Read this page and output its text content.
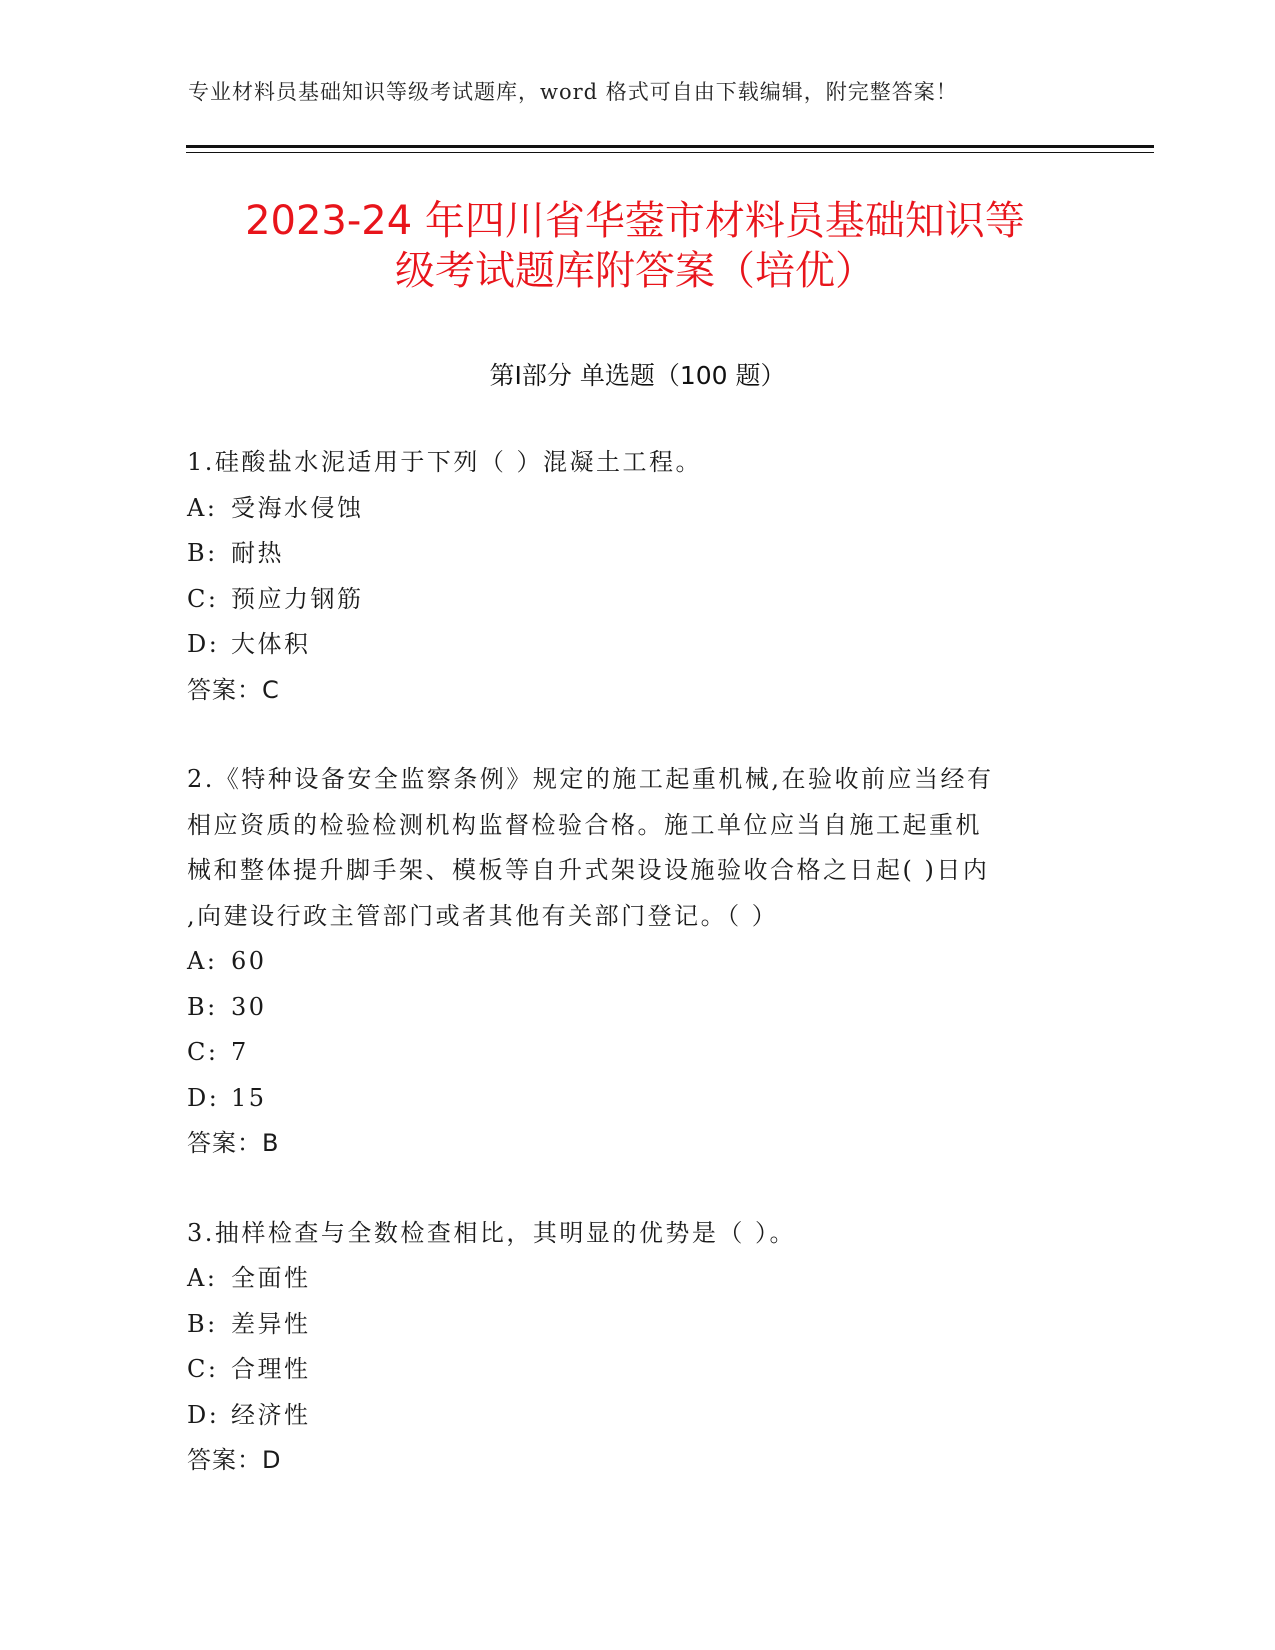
专业材料员基础知识等级考试题库，word 格式可自由下载编辑，附完整答案！
2023-24 年四川省华蓥市材料员基础知识等
级考试题库附答案（培优）
第Ⅰ部分 单选题（100 题）

1.硅酸盐水泥适用于下列（ ）混凝土工程。

A: 受海水侵蚀
B: 耐热
C: 预应力钢筋
D: 大体积
答案：C

2.《特种设备安全监察条例》规定的施工起重机械,在验收前应当经有
相应资质的检验检测机构监督检验合格。施工单位应当自施工起重机
械和整体提升脚手架、模板等自升式架设设施验收合格之日起( )日内
,向建设行政主管部门或者其他有关部门登记。（ ）

A: 60
B: 30
C: 7
D: 15
答案：B

3.抽样检查与全数检查相比，其明显的优势是（ ）。

A: 全面性
B: 差异性
C: 合理性
D: 经济性
答案：D
